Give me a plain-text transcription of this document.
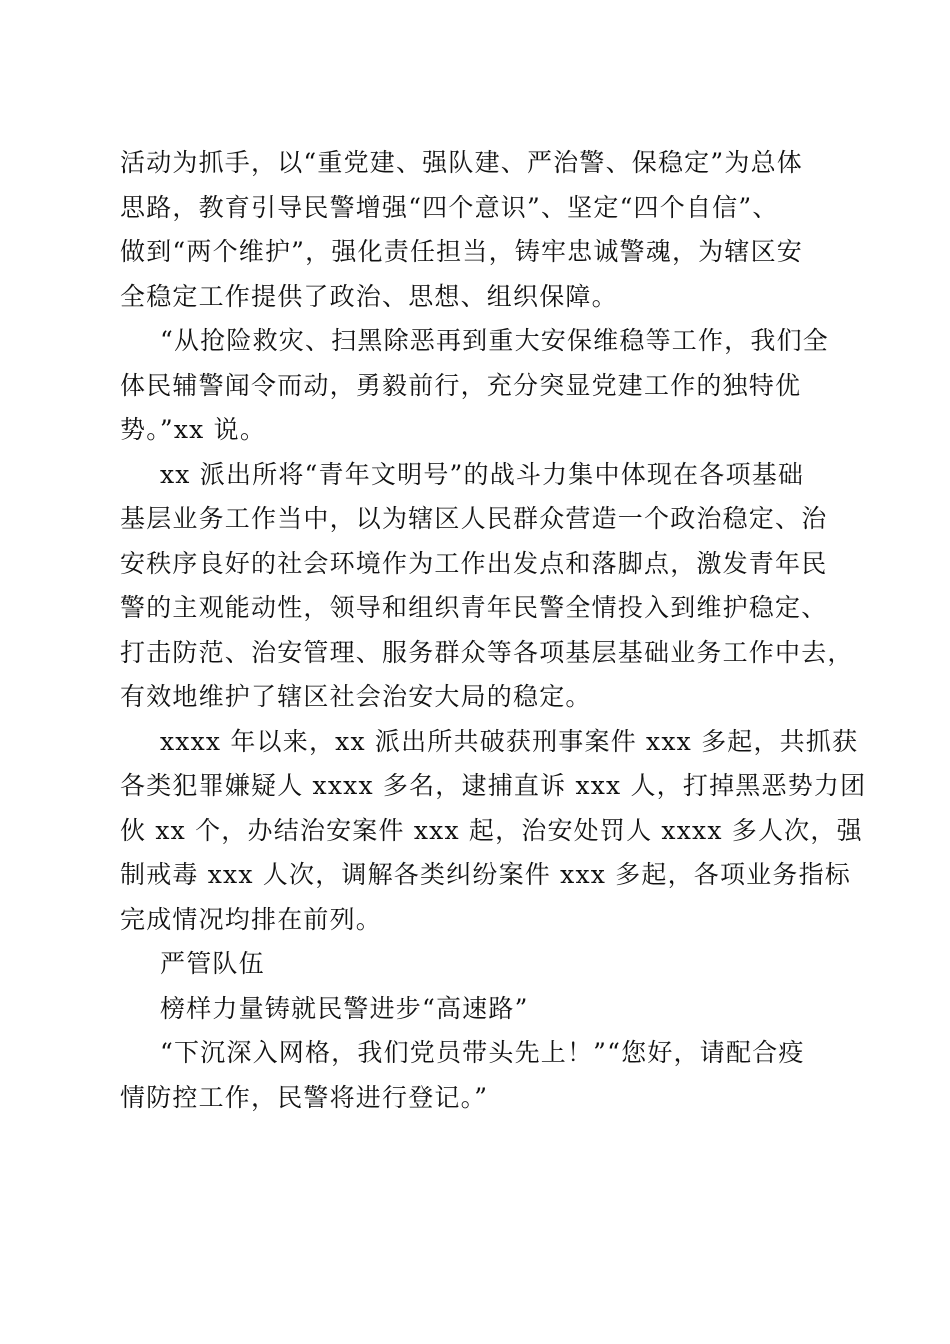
活动为抓手，以“重党建、强队建、严治警、保稳定”为总体
思路，教育引导民警增强“四个意识”、坚定“四个自信”、
做到“两个维护”，强化责任担当，铸牢忠诚警魂，为辖区安
全稳定工作提供了政治、思想、组织保障。

“从抢险救灾、扫黑除恶再到重大安保维稳等工作，我们全
体民辅警闻令而动，勇毅前行，充分突显党建工作的独特优
势。”xx 说。

xx 派出所将“青年文明号”的战斗力集中体现在各项基础
基层业务工作当中，以为辖区人民群众营造一个政治稳定、治
安秩序良好的社会环境作为工作出发点和落脚点，激发青年民
警的主观能动性，领导和组织青年民警全情投入到维护稳定、
打击防范、治安管理、服务群众等各项基层基础业务工作中去，
有效地维护了辖区社会治安大局的稳定。

xxxx 年以来，xx 派出所共破获刑事案件 xxx 多起，共抓获
各类犯罪嫌疑人 xxxx 多名，逮捕直诉 xxx 人，打掉黑恶势力团
伙 xx 个，办结治安案件 xxx 起，治安处罚人 xxxx 多人次，强
制戒毒 xxx 人次，调解各类纠纷案件 xxx 多起，各项业务指标
完成情况均排在前列。

严管队伍

榜样力量铸就民警进步“高速路”

“下沉深入网格，我们党员带头先上！”“您好，请配合疫
情防控工作，民警将进行登记。”
